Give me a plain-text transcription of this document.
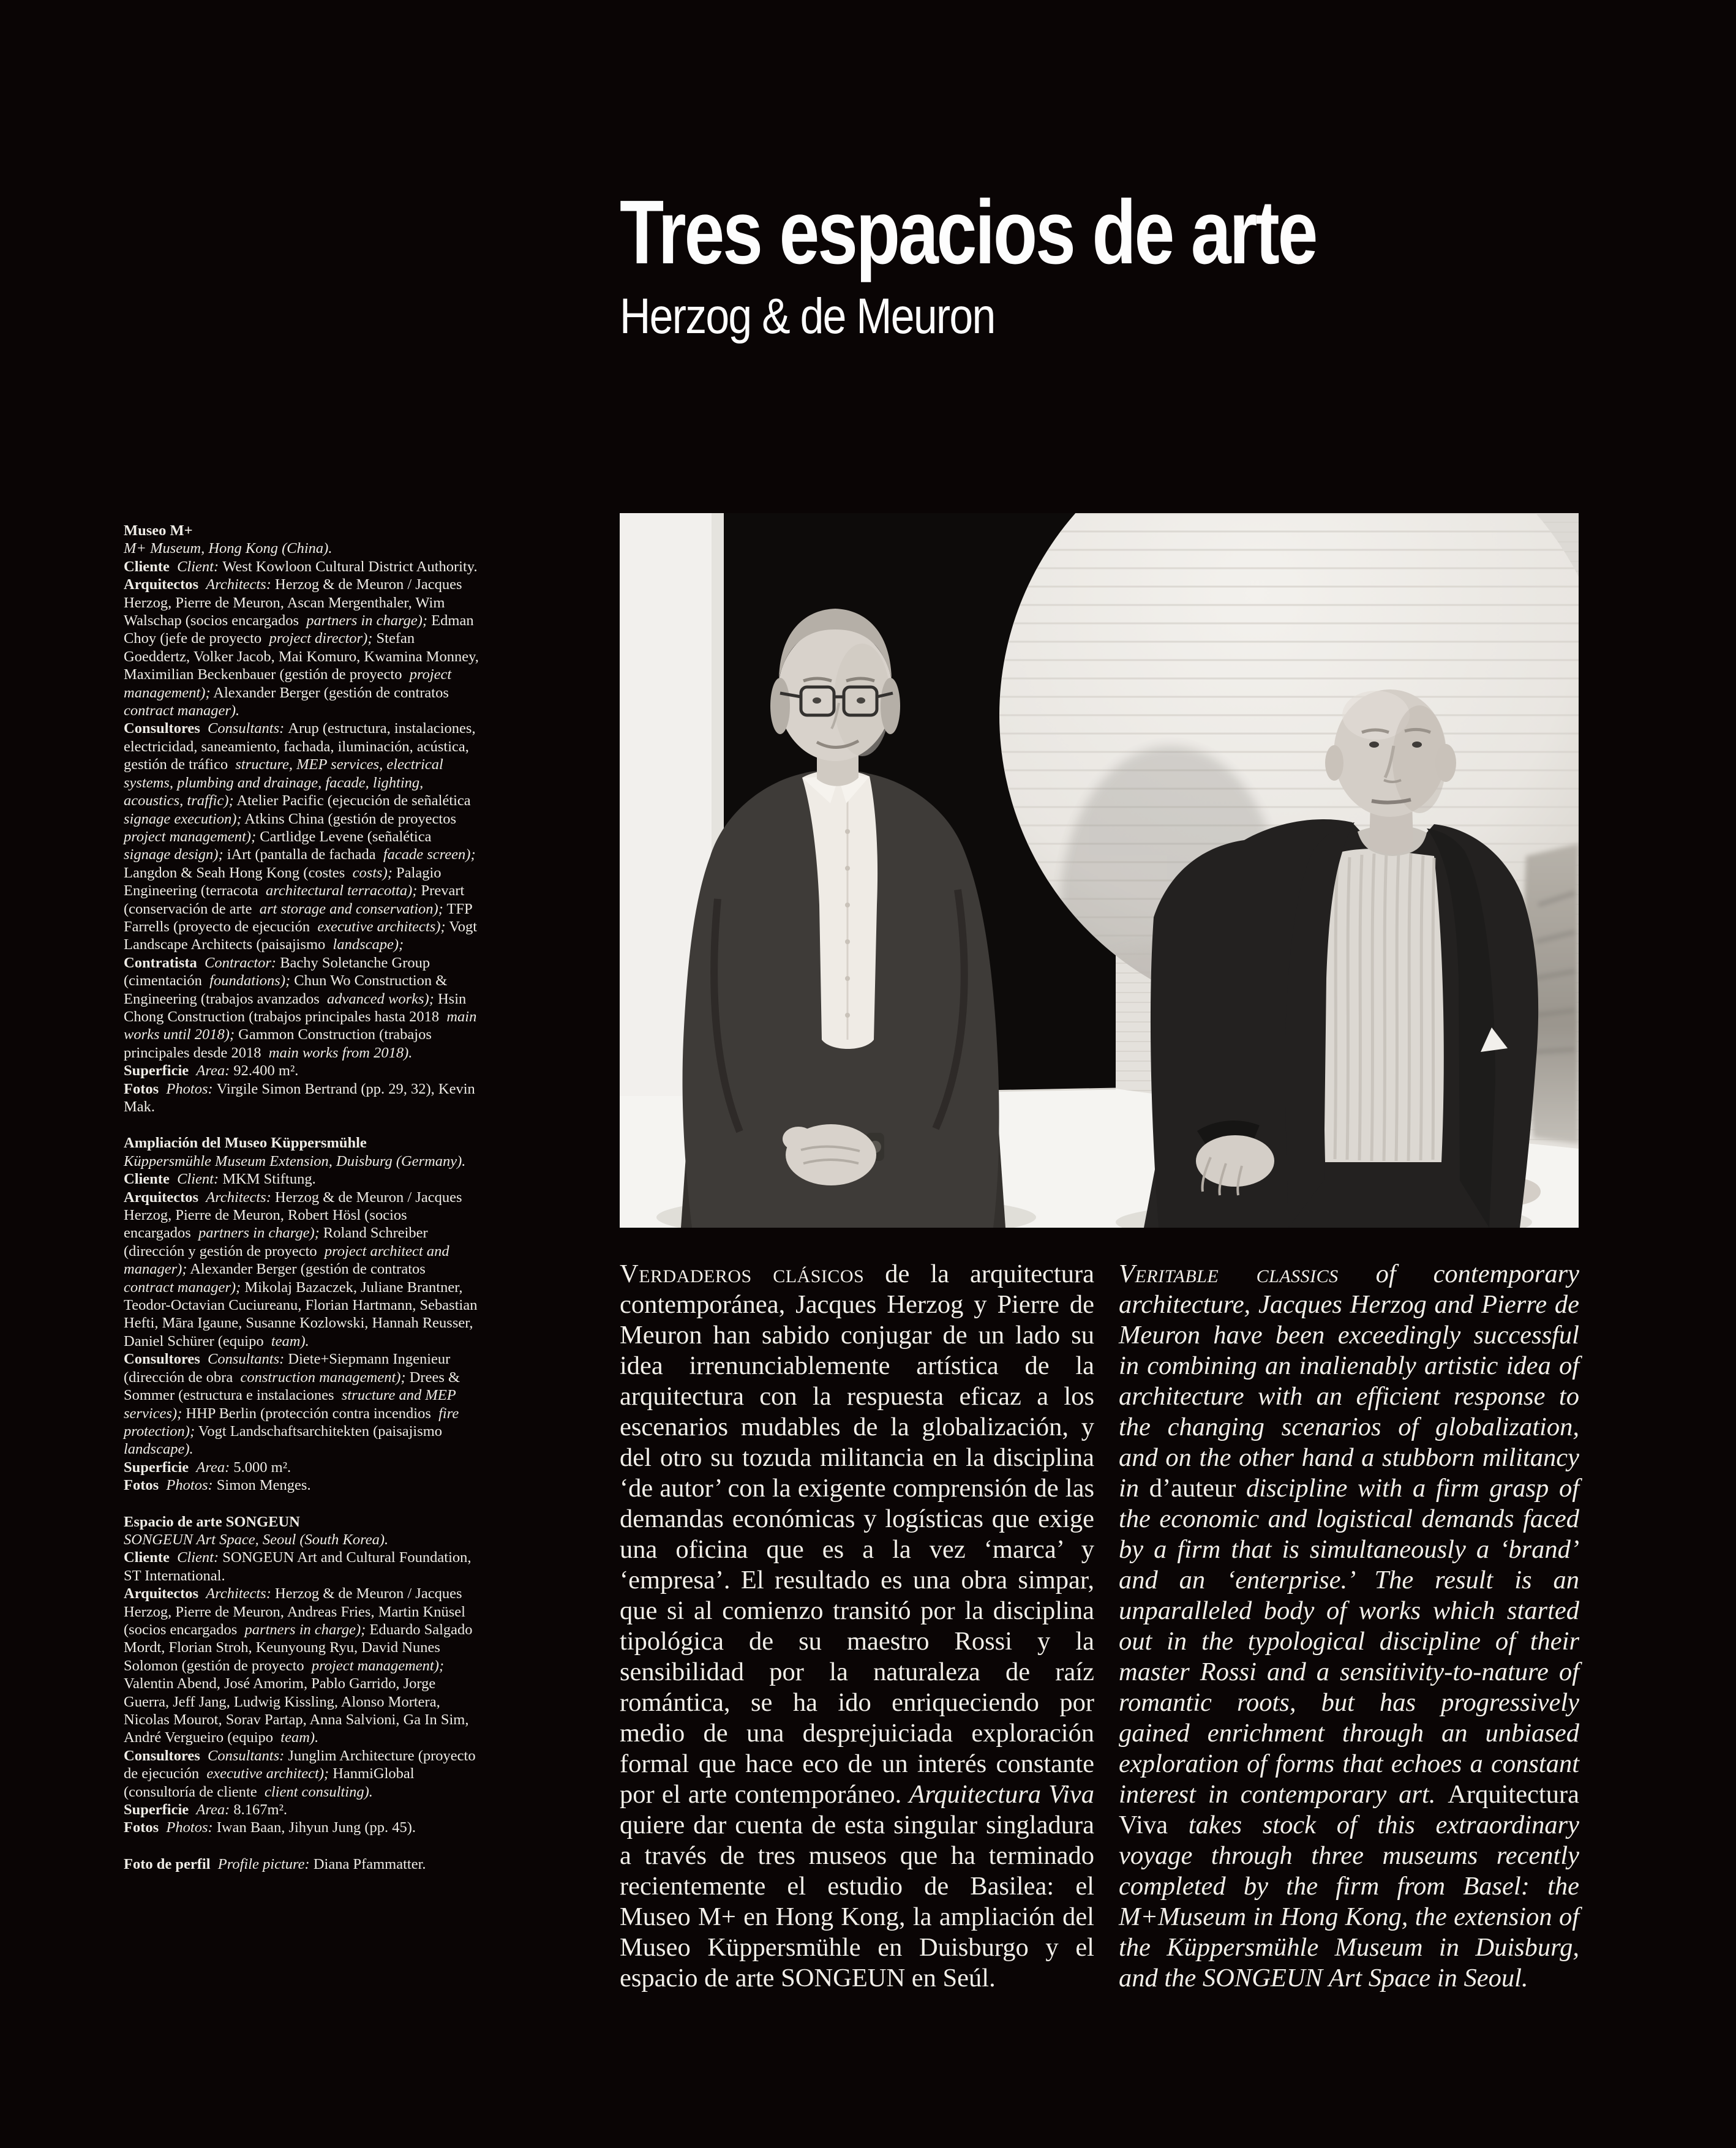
Tres espacios de arte
Herzog & de Meuron
Museo M+
M+ Museum, Hong Kong (China).
Cliente Client: West Kowloon Cultural District Authority.
Arquitectos Architects: Herzog & de Meuron / Jacques Herzog, Pierre de Meuron, Ascan Mergenthaler, Wim Walschap (socios encargados partners in charge); Edman Choy (jefe de proyecto project director); Stefan Goeddertz, Volker Jacob, Mai Komuro, Kwamina Monney, Maximilian Beckenbauer (gestión de proyecto project management); Alexander Berger (gestión de contratos contract manager).
Consultores Consultants: Arup (estructura, instalaciones, electricidad, saneamiento, fachada, iluminación, acústica, gestión de tráfico structure, MEP services, electrical systems, plumbing and drainage, facade, lighting, acoustics, traffic); Atelier Pacific (ejecución de señalética signage execution); Atkins China (gestión de proyectos project management); Cartlidge Levene (señalética signage design); iArt (pantalla de fachada facade screen); Langdon & Seah Hong Kong (costes costs); Palagio Engineering (terracota architectural terracotta); Prevart (conservación de arte art storage and conservation); TFP Farrells (proyecto de ejecución executive architects); Vogt Landscape Architects (paisajismo landscape);
Contratista Contractor: Bachy Soletanche Group (cimentación foundations); Chun Wo Construction & Engineering (trabajos avanzados advanced works); Hsin Chong Construction (trabajos principales hasta 2018 main works until 2018); Gammon Construction (trabajos principales desde 2018 main works from 2018).
Superficie Area: 92.400 m².
Fotos Photos: Virgile Simon Bertrand (pp. 29, 32), Kevin Mak.
Ampliación del Museo Küppersmühle
Küppersmühle Museum Extension, Duisburg (Germany).
Cliente Client: MKM Stiftung.
Arquitectos Architects: Herzog & de Meuron / Jacques Herzog, Pierre de Meuron, Robert Hösl (socios encargados partners in charge); Roland Schreiber (dirección y gestión de proyecto project architect and manager); Alexander Berger (gestión de contratos contract manager); Mikolaj Bazaczek, Juliane Brantner, Teodor-Octavian Cuciureanu, Florian Hartmann, Sebastian Hefti, Māra Igaune, Susanne Kozlowski, Hannah Reusser, Daniel Schürer (equipo team).
Consultores Consultants: Diete+Siepmann Ingenieur (dirección de obra construction management); Drees & Sommer (estructura e instalaciones structure and MEP services); HHP Berlin (protección contra incendios fire protection); Vogt Landschaftsarchitekten (paisajismo landscape).
Superficie Area: 5.000 m².
Fotos Photos: Simon Menges.
Espacio de arte SONGEUN
SONGEUN Art Space, Seoul (South Korea).
Cliente Client: SONGEUN Art and Cultural Foundation, ST International.
Arquitectos Architects: Herzog & de Meuron / Jacques Herzog, Pierre de Meuron, Andreas Fries, Martin Knüsel (socios encargados partners in charge); Eduardo Salgado Mordt, Florian Stroh, Keunyoung Ryu, David Nunes Solomon (gestión de proyecto project management); Valentin Abend, José Amorim, Pablo Garrido, Jorge Guerra, Jeff Jang, Ludwig Kissling, Alonso Mortera, Nicolas Mourot, Sorav Partap, Anna Salvioni, Ga In Sim, André Vergueiro (equipo team).
Consultores Consultants: Junglim Architecture (proyecto de ejecución executive architect); HanmiGlobal (consultoría de cliente client consulting).
Superficie Area: 8.167m².
Fotos Photos: Iwan Baan, Jihyun Jung (pp. 45).

Foto de perfil Profile picture: Diana Pfammatter.

Verdaderos clásicos de la arquitectura contemporánea, Jacques Herzog y Pierre de Meuron han sabido conjugar de un lado su idea irrenunciablemente artística de la arquitectura con la respuesta eficaz a los escenarios mudables de la globalización, y del otro su tozuda militancia en la disciplina ‘de autor’ con la exigente comprensión de las demandas económicas y logísticas que exige una oficina que es a la vez ‘marca’ y ‘empresa’. El resultado es una obra simpar, que si al comienzo transitó por la disciplina tipológica de su maestro Rossi y la sensibilidad por la naturaleza de raíz romántica, se ha ido enriqueciendo por medio de una desprejuiciada exploración formal que hace eco de un interés constante por el arte contemporáneo. Arquitectura Viva quiere dar cuenta de esta singular singladura a través de tres museos que ha terminado recientemente el estudio de Basilea: el Museo M+ en Hong Kong, la ampliación del Museo Küppersmühle en Duisburgo y el espacio de arte SONGEUN en Seúl.
Veritable classics of contemporary architecture, Jacques Herzog and Pierre de Meuron have been exceedingly successful in combining an inalienably artistic idea of architecture with an efficient response to the changing scenarios of globalization, and on the other hand a stubborn militancy in d’auteur discipline with a firm grasp of the economic and logistical demands faced by a firm that is simultaneously a ‘brand’ and an ‘enterprise.’ The result is an unparalleled body of works which started out in the typological discipline of their master Rossi and a sensitivity-to-nature of romantic roots, but has progressively gained enrichment through an unbiased exploration of forms that echoes a constant interest in contemporary art. Arquitectura Viva takes stock of this extraordinary voyage through three museums recently completed by the firm from Basel: the M+Museum in Hong Kong, the extension of the Küppersmühle Museum in Duisburg, and the SONGEUN Art Space in Seoul.
